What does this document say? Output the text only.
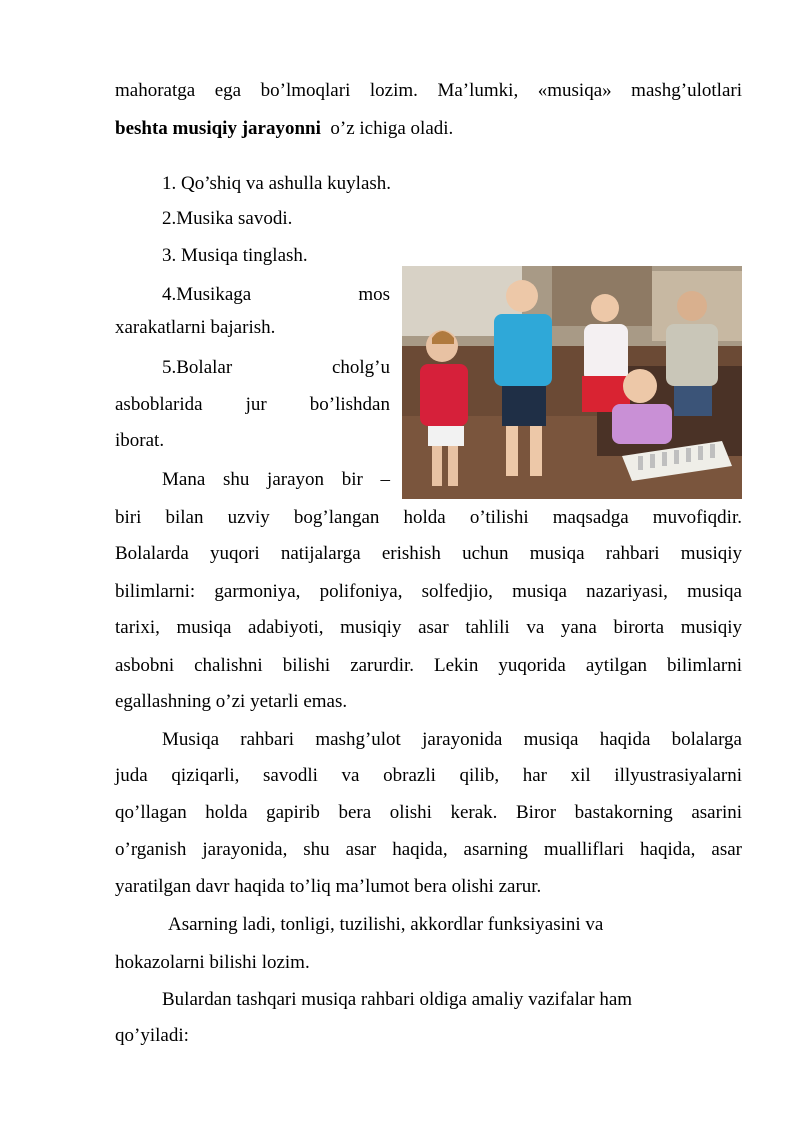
mahoratga ega bo’lmoqlari lozim. Ma’lumki, «musiqa» mashg’ulotlari
beshta musiqiy jarayonni o’z ichiga oladi.
1. Qo’shiq va ashulla kuylash.
2.Musika savodi.
3. Musiqa tinglash.
4.Musikaga mos
xarakatlarni bajarish.
5.Bolalar cholg’u
asboblarida jur bo’lishdan
iborat.
Mana shu jarayon bir –
biri bilan uzviy bog’langan holda o’tilishi maqsadga muvofiqdir.
Bolalarda yuqori natijalarga erishish uchun musiqa rahbari musiqiy
bilimlarni: garmoniya, polifoniya, solfedjio, musiqa nazariyasi, musiqa
tarixi, musiqa adabiyoti, musiqiy asar tahlili va yana birorta musiqiy
asbobni chalishni bilishi zarurdir. Lekin yuqorida aytilgan bilimlarni
egallashning o’zi yetarli emas.
Musiqa rahbari mashg’ulot jarayonida musiqa haqida bolalarga
juda qiziqarli, savodli va obrazli qilib, har xil illyustrasiyalarni
qo’llagan holda gapirib bera olishi kerak. Biror bastakorning asarini
o’rganish jarayonida, shu asar haqida, asarning mualliflari haqida, asar
yaratilgan davr haqida to’liq ma’lumot bera olishi zarur.
Asarning ladi, tonligi, tuzilishi, akkordlar funksiyasini va
hokazolarni bilishi lozim.
Bulardan tashqari musiqa rahbari oldiga amaliy vazifalar ham
qo’yiladi:
